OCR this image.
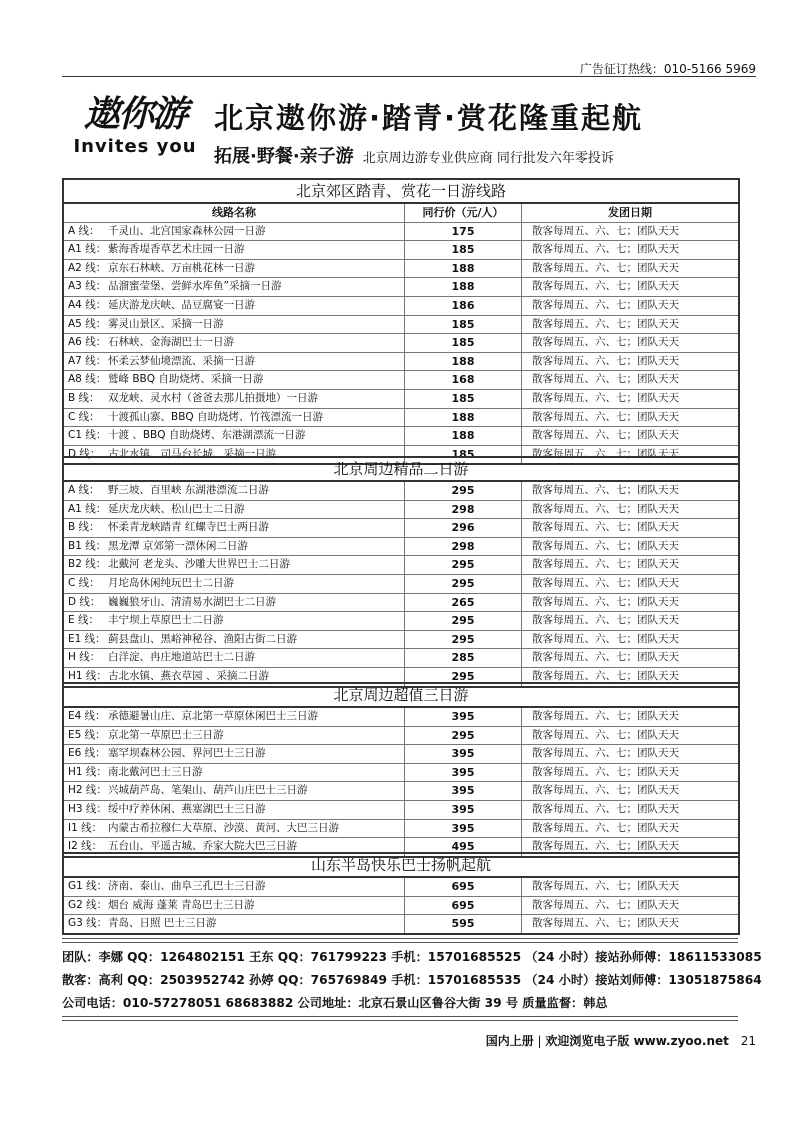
广告征订热线：010-5166 5969
遨你游
Invites you
北京遨你游·踏青·赏花隆重起航
拓展·野餐·亲子游 北京周边游专业供应商 同行批发六年零投诉
北京郊区踏青、赏花一日游线路
线路名称	同行价（元/人）	发团日期
A 线： 千灵山、北宫国家森林公园一日游	175	散客每周五、六、七；团队天天
A1 线： 紫海香堤香草艺术庄园一日游	185	散客每周五、六、七；团队天天
A2 线： 京东石林峡、万亩桃花林一日游	188	散客每周五、六、七；团队天天
A3 线： 品溜蜜莹堡、尝鲜水库鱼”采摘一日游	188	散客每周五、六、七；团队天天
A4 线： 延庆游龙庆峡、品豆腐宴一日游	186	散客每周五、六、七；团队天天
A5 线： 雾灵山景区、采摘一日游	185	散客每周五、六、七；团队天天
A6 线： 石林峡、金海湖巴士一日游	185	散客每周五、六、七；团队天天
A7 线： 怀柔云梦仙境漂流、采摘一日游	188	散客每周五、六、七；团队天天
A8 线： 鹫峰 BBQ 自助烧烤、采摘一日游	168	散客每周五、六、七；团队天天
B 线： 双龙峡、灵水村（爸爸去那儿拍摄地）一日游	185	散客每周五、六、七；团队天天
C 线： 十渡孤山寨、BBQ 自助烧烤、竹筏漂流一日游	188	散客每周五、六、七；团队天天
C1 线： 十渡 、BBQ 自助烧烤、东港湖漂流一日游	188	散客每周五、六、七；团队天天
D 线： 古北水镇、司马台长城、采摘一日游	185	散客每周五、六、七；团队天天
北京周边精品二日游
A 线： 野三坡、百里峡 东湖港漂流二日游	295	散客每周五、六、七；团队天天
A1 线： 延庆龙庆峡、松山巴士二日游	298	散客每周五、六、七；团队天天
B 线： 怀柔青龙峡踏青 红螺寺巴士两日游	296	散客每周五、六、七；团队天天
B1 线： 黑龙潭 京郊第一漂休闲二日游	298	散客每周五、六、七；团队天天
B2 线： 北戴河 老龙头、沙雕大世界巴士二日游	295	散客每周五、六、七；团队天天
C 线： 月坨岛休闲纯玩巴士二日游	295	散客每周五、六、七；团队天天
D 线： 巍巍狼牙山、清清易水湖巴士二日游	265	散客每周五、六、七；团队天天
E 线： 丰宁坝上草原巴士二日游	295	散客每周五、六、七；团队天天
E1 线： 蓟县盘山、黑峪神秘谷、渔阳古街二日游	295	散客每周五、六、七；团队天天
H 线： 白洋淀、冉庄地道站巴士二日游	285	散客每周五、六、七；团队天天
H1 线： 古北水镇、燕衣草园 、采摘二日游	295	散客每周五、六、七；团队天天
北京周边超值三日游
E4 线： 承德避暑山庄、京北第一草原休闲巴士三日游	395	散客每周五、六、七；团队天天
E5 线： 京北第一草原巴士三日游	295	散客每周五、六、七；团队天天
E6 线： 塞罕坝森林公园、界河巴士三日游	395	散客每周五、六、七；团队天天
H1 线： 南北戴河巴士三日游	395	散客每周五、六、七；团队天天
H2 线： 兴城葫芦岛、笔架山、葫芦山庄巴士三日游	395	散客每周五、六、七；团队天天
H3 线： 绥中疗养休闲、燕塞湖巴士三日游	395	散客每周五、六、七；团队天天
I1 线： 内蒙古希拉穆仁大草原、沙漠、黄河、大巴三日游	395	散客每周五、六、七；团队天天
I2 线： 五台山、平遥古城、乔家大院大巴三日游	495	散客每周五、六、七；团队天天
山东半岛快乐巴士扬帆起航
G1 线： 济南、泰山、曲阜三孔巴士三日游	695	散客每周五、六、七；团队天天
G2 线： 烟台 威海 蓬莱 青岛巴士三日游	695	散客每周五、六、七；团队天天
G3 线： 青岛、日照 巴士三日游	595	散客每周五、六、七；团队天天
团队：李娜 QQ：1264802151 王东 QQ：761799223 手机：15701685525 （24 小时）接站孙师傅：18611533085
散客：高利 QQ：2503952742 孙婷 QQ：765769849 手机：15701685535 （24 小时）接站刘师傅：13051875864
公司电话：010-57278051 68683882 公司地址：北京石景山区鲁谷大街 39 号 质量监督：韩总
国内上册 | 欢迎浏览电子版 www.zyoo.net 21
